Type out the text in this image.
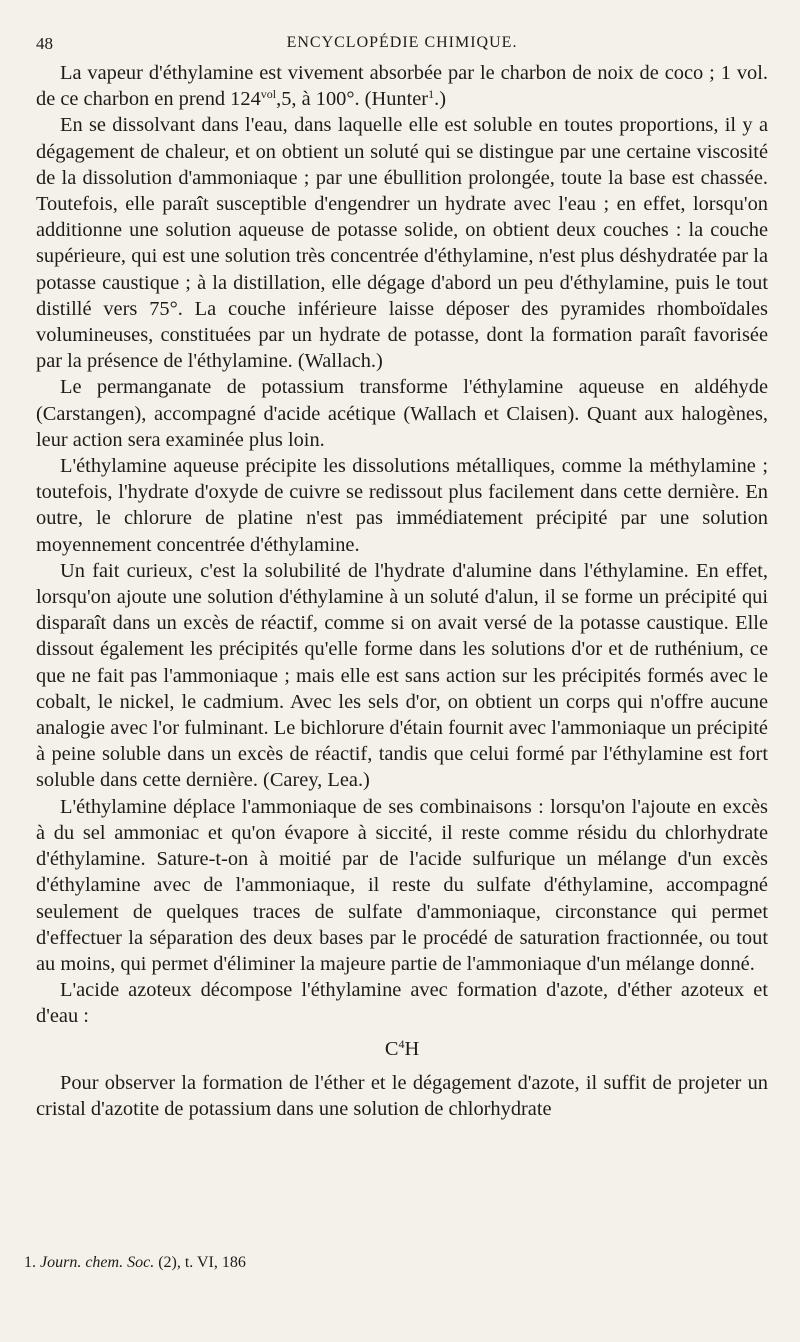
48	ENCYCLOPÉDIE CHIMIQUE.

La vapeur d'éthylamine est vivement absorbée par le charbon de noix de coco ; 1 vol. de ce charbon en prend $124^{vol},5$, à 100°. (Hunter$^1$.)

En se dissolvant dans l'eau, dans laquelle elle est soluble en toutes proportions, il y a dégagement de chaleur, et on obtient un soluté qui se distingue par une certaine viscosité de la dissolution d'ammoniaque ; par une ébullition prolongée, toute la base est chassée. Toutefois, elle paraît susceptible d'engendrer un hydrate avec l'eau ; en effet, lorsqu'on additionne une solution aqueuse de potasse solide, on obtient deux couches : la couche supérieure, qui est une solution très concentrée d'éthylamine, n'est plus déshydratée par la potasse caustique ; à la distillation, elle dégage d'abord un peu d'éthylamine, puis le tout distillé vers 75°. La couche inférieure laisse déposer des pyramides rhomboïdales volumineuses, constituées par un hydrate de potasse, dont la formation paraît favorisée par la présence de l'éthylamine. (Wallach.)

Le permanganate de potassium transforme l'éthylamine aqueuse en aldéhyde (Carstangen), accompagné d'acide acétique (Wallach et Claisen). Quant aux halogènes, leur action sera examinée plus loin.

L'éthylamine aqueuse précipite les dissolutions métalliques, comme la méthylamine ; toutefois, l'hydrate d'oxyde de cuivre se redissout plus facilement dans cette dernière. En outre, le chlorure de platine n'est pas immédiatement précipité par une solution moyennement concentrée d'éthylamine.

Un fait curieux, c'est la solubilité de l'hydrate d'alumine dans l'éthylamine. En effet, lorsqu'on ajoute une solution d'éthylamine à un soluté d'alun, il se forme un précipité qui disparaît dans un excès de réactif, comme si on avait versé de la potasse caustique. Elle dissout également les précipités qu'elle forme dans les solutions d'or et de ruthénium, ce que ne fait pas l'ammoniaque ; mais elle est sans action sur les précipités formés avec le cobalt, le nickel, le cadmium. Avec les sels d'or, on obtient un corps qui n'offre aucune analogie avec l'or fulminant. Le bichlorure d'étain fournit avec l'ammoniaque un précipité à peine soluble dans un excès de réactif, tandis que celui formé par l'éthylamine est fort soluble dans cette dernière. (Carey, Lea.)

L'éthylamine déplace l'ammoniaque de ses combinaisons : lorsqu'on l'ajoute en excès à du sel ammoniac et qu'on évapore à siccité, il reste comme résidu du chlorhydrate d'éthylamine. Sature-t-on à moitié par de l'acide sulfurique un mélange d'un excès d'éthylamine avec de l'ammoniaque, il reste du sulfate d'éthylamine, accompagné seulement de quelques traces de sulfate d'ammoniaque, circonstance qui permet d'effectuer la séparation des deux bases par le procédé de saturation fractionnée, ou tout au moins, qui permet d'éliminer la majeure partie de l'ammoniaque d'un mélange donné.

L'acide azoteux décompose l'éthylamine avec formation d'azote, d'éther azoteux et d'eau :

$C^4H$

Pour observer la formation de l'éther et le dégagement d'azote, il suffit de projeter un cristal d'azotite de potassium dans une solution de chlorhydrate

1. Journ. chem. Soc. (2), t. VI, 186
